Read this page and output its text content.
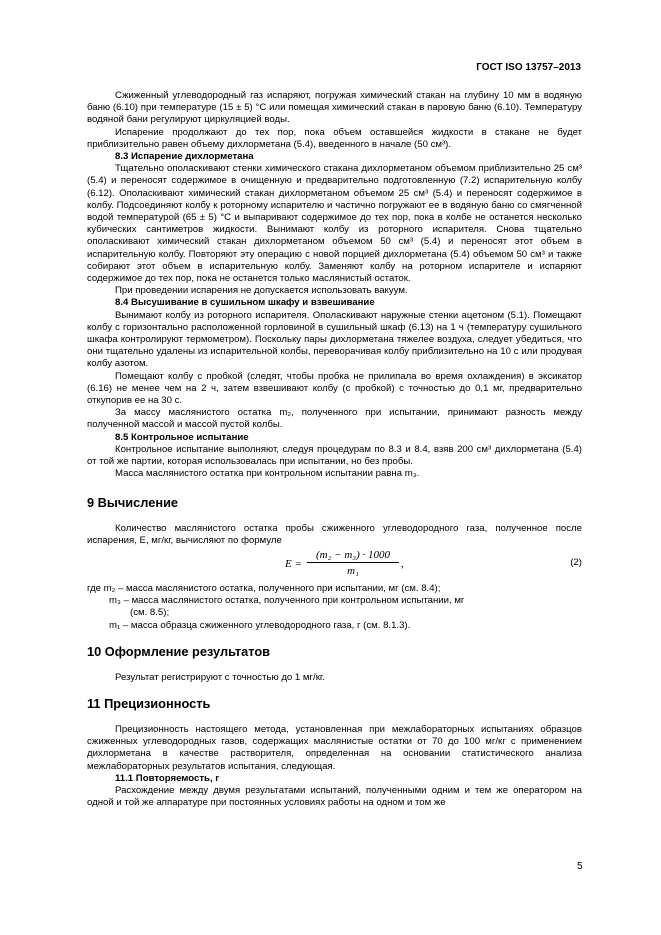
ГОСТ ISO 13757–2013

Сжиженный углеводородный газ испаряют, погружая химический стакан на глубину 10 мм в водяную баню (6.10) при температуре (15 ± 5) °C или помещая химический стакан в паровую баню (6.10). Температуру водяной бани регулируют циркуляцией воды.

Испарение продолжают до тех пор, пока объем оставшейся жидкости в стакане не будет приблизительно равен объему дихлорметана (5.4), введенного в начале (50 см³).

8.3 Испарение дихлорметана

Тщательно ополаскивают стенки химического стакана дихлорметаном объемом приблизительно 25 см³ (5.4) и переносят содержимое в очищенную и предварительно подготовленную (7.2) испарительную колбу (6.12). Ополаскивают химический стакан дихлорметаном объемом 25 см³ (5.4) и переносят содержимое в колбу. Подсоединяют колбу к роторному испарителю и частично погружают ее в водяную баню со смягченной водой температурой (65 ± 5) °C и выпаривают содержимое до тех пор, пока в колбе не останется несколько кубических сантиметров жидкости. Вынимают колбу из роторного испарителя. Снова тщательно ополаскивают химический стакан дихлорметаном объемом 50 см³ (5.4) и переносят этот объем в испарительную колбу. Повторяют эту операцию с новой порцией дихлорметана (5.4) объемом 50 см³ и также собирают этот объем в испарительную колбу. Заменяют колбу на роторном испарителе и испаряют содержимое до тех пор, пока не останется только маслянистый остаток.

При проведении испарения не допускается использовать вакуум.

8.4 Высушивание в сушильном шкафу и взвешивание

Вынимают колбу из роторного испарителя. Ополаскивают наружные стенки ацетоном (5.1). Помещают колбу с горизонтально расположенной горловиной в сушильный шкаф (6.13) на 1 ч (температуру сушильного шкафа контролируют термометром). Поскольку пары дихлорметана тяжелее воздуха, следует убедиться, что они тщательно удалены из испарительной колбы, переворачивая колбу приблизительно на 10 с или продувая колбу азотом.

Помещают колбу с пробкой (следят, чтобы пробка не прилипала во время охлаждения) в эксикатор (6.16) не менее чем на 2 ч, затем взвешивают колбу (с пробкой) с точностью до 0,1 мг, предварительно откупорив ее на 30 с.

За массу маслянистого остатка m₂, полученного при испытании, принимают разность между полученной массой и массой пустой колбы.

8.5 Контрольное испытание

Контрольное испытание выполняют, следуя процедурам по 8.3 и 8.4, взяв 200 см³ дихлорметана (5.4) от той же партии, которая использовалась при испытании, но без пробы.

Масса маслянистого остатка при контрольном испытании равна m₃.

9 Вычисление

Количество маслянистого остатка пробы сжиженного углеводородного газа, полученное после испарения, E, мг/кг, вычисляют по формуле

$E = \frac{\text{(m₂ − m₃) · 1000}}{\text{m₁}}$ ,	(2)
где m₂ – масса маслянистого остатка, полученного при испытании, мг (см. 8.4);
m₃ – масса маслянистого остатка, полученного при контрольном испытании, мг
(см. 8.5);
m₁ – масса образца сжиженного углеводородного газа, г (см. 8.1.3).
10 Оформление результатов

Результат регистрируют с точностью до 1 мг/кг.

11 Прецизионность

Прецизионность настоящего метода, установленная при межлабораторных испытаниях образцов сжиженных углеводородных газов, содержащих маслянистые остатки от 70 до 100 мг/кг с применением дихлорметана в качестве растворителя, определенная на основании статистического анализа межлабораторных результатов испытания, следующая.

11.1 Повторяемость, r

Расхождение между двумя результатами испытаний, полученными одним и тем же оператором на одной и той же аппаратуре при постоянных условиях работы на одном и том же

5
